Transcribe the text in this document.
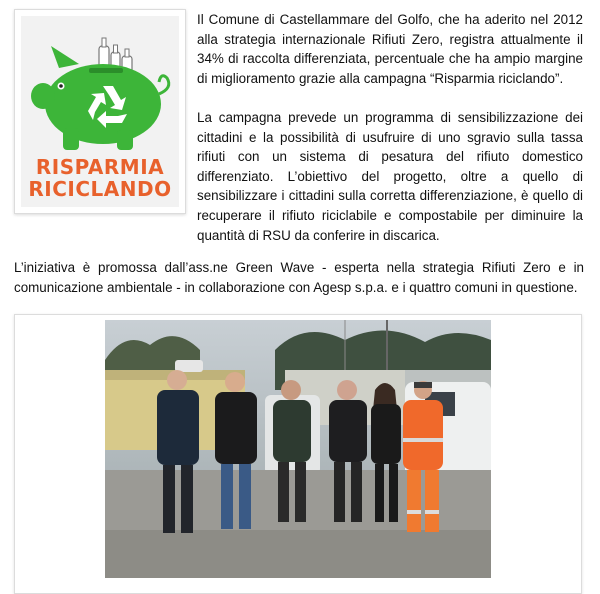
RISPARMIA
RICICLANDO

Il Comune di Castellammare del Golfo, che ha aderito nel 2012 alla strategia internazionale Rifiuti Zero, registra attualmente il 34% di raccolta differenziata, percentuale che ha ampio margine di miglioramento grazie alla campagna “Risparmia riciclando”.

La campagna prevede un programma di sensibilizzazione dei cittadini e la possibilità di usufruire di uno sgravio sulla tassa rifiuti con un sistema di pesatura del rifiuto domestico differenziato. L’obiettivo del progetto, oltre a quello di sensibilizzare i cittadini sulla corretta differenziazione, è quello di recuperare il rifiuto riciclabile e compostabile per diminuire la quantità di RSU da conferire in discarica.

L’iniziativa è promossa dall’ass.ne Green Wave - esperta nella strategia Rifiuti Zero e in comunicazione ambientale - in collaborazione con Agesp s.p.a. e i quattro comuni in questione.
